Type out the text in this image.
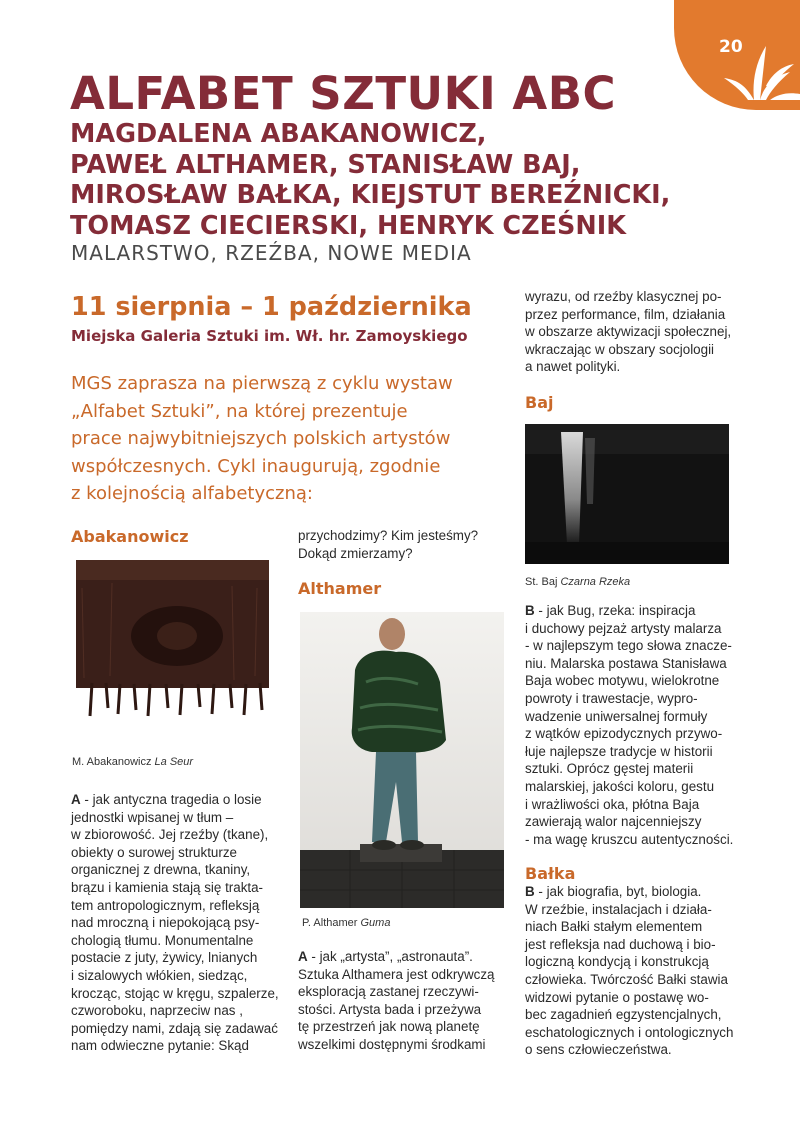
20
ALFABET SZTUKI ABC
MAGDALENA ABAKANOWICZ,
PAWEŁ ALTHAMER, STANISŁAW BAJ,
MIROSŁAW BAŁKA, KIEJSTUT BEREŹNICKI,
TOMASZ CIECIERSKI, HENRYK CZEŚNIK
MALARSTWO, RZEŹBA, NOWE MEDIA
11 sierpnia – 1 października
Miejska Galeria Sztuki im. Wł. hr. Zamoyskiego
MGS zaprasza na pierwszą z cyklu wystaw
„Alfabet Sztuki”, na której prezentuje
prace najwybitniejszych polskich artystów
współczesnych. Cykl inaugurują, zgodnie
z kolejnością alfabetyczną:
Abakanowicz
M. Abakanowicz La Seur
A - jak antyczna tragedia o losie
jednostki wpisanej w tłum –
w zbiorowość. Jej rzeźby (tkane),
obiekty o surowej strukturze
organicznej z drewna, tkaniny,
brązu i kamienia stają się trakta-
tem antropologicznym, refleksją
nad mroczną i niepokojącą psy-
chologią tłumu. Monumentalne
postacie z juty, żywicy, lnianych
i sizalowych włókien, siedząc,
krocząc, stojąc w kręgu, szpalerze,
czworoboku, naprzeciw nas ,
pomiędzy nami, zdają się zadawać
nam odwieczne pytanie: Skąd
przychodzimy? Kim jesteśmy?
Dokąd zmierzamy?
Althamer
P. Althamer Guma
A - jak „artysta”, „astronauta”.
Sztuka Althamera jest odkrywczą
eksploracją zastanej rzeczywi-
stości. Artysta bada i przeżywa
tę przestrzeń jak nową planetę
wszelkimi dostępnymi środkami
wyrazu, od rzeźby klasycznej po-
przez performance, film, działania
w obszarze aktywizacji społecznej,
wkraczając w obszary socjologii
a nawet polityki.
Baj
St. Baj Czarna Rzeka
B - jak Bug, rzeka: inspiracja
i duchowy pejzaż artysty malarza
- w najlepszym tego słowa znacze-
niu. Malarska postawa Stanisława
Baja wobec motywu, wielokrotne
powroty i trawestacje, wypro-
wadzenie uniwersalnej formuły
z wątków epizodycznych przywo-
łuje najlepsze tradycje w historii
sztuki. Oprócz gęstej materii
malarskiej, jakości koloru, gestu
i wrażliwości oka, płótna Baja
zawierają walor najcenniejszy
- ma wagę kruszcu autentyczności.
Bałka
B - jak biografia, byt, biologia.
W rzeźbie, instalacjach i działa-
niach Bałki stałym elementem
jest refleksja nad duchową i bio-
logiczną kondycją i konstrukcją
człowieka. Twórczość Bałki stawia
widzowi pytanie o postawę wo-
bec zagadnień egzystencjalnych,
eschatologicznych i ontologicznych
o sens człowieczeństwa.
